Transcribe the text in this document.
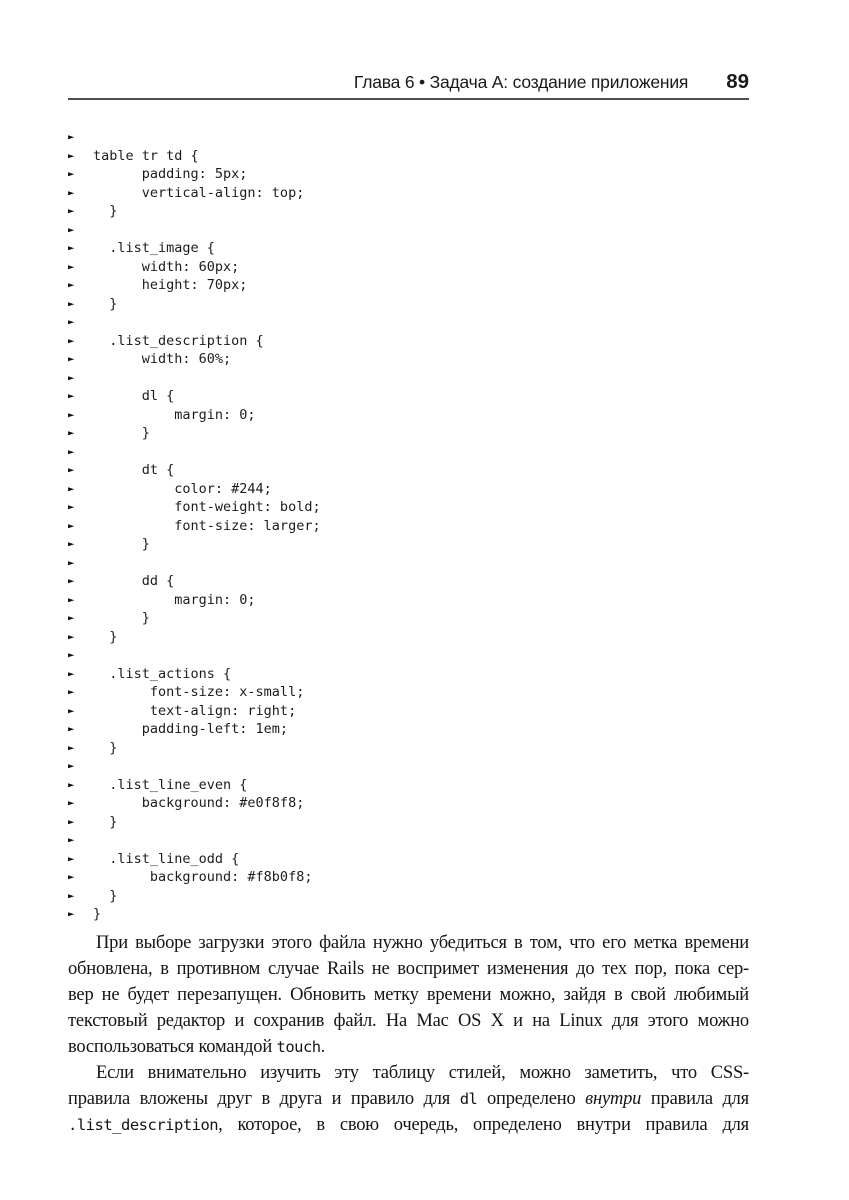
Глава 6 • Задача А: создание приложения 89
►
►	table tr td {
►	padding: 5px;
►	vertical-align: top;
►	}
►
►	.list_image {
►	width: 60px;
►	height: 70px;
►	}
►
►	.list_description {
►	width: 60%;
►
►	dl {
►	margin: 0;
►	}
►
►	dt {
►	color: #244;
►	font-weight: bold;
►	font-size: larger;
►	}
►
►	dd {
►	margin: 0;
►	}
►	}
►
►	.list_actions {
►	font-size: x-small;
►	text-align: right;
►	padding-left: 1em;
►	}
►
►	.list_line_even {
►	background: #e0f8f8;
►	}
►
►	.list_line_odd {
►	background: #f8b0f8;
►	}
►	}
При выборе загрузки этого файла нужно убедиться в том, что его метка времени
обновлена, в противном случае Rails не воспримет изменения до тех пор, пока сер-
вер не будет перезапущен. Обновить метку времени можно, зайдя в свой любимый
текстовый редактор и сохранив файл. На Mac OS X и на Linux для этого можно
воспользоваться командой touch.
Если внимательно изучить эту таблицу стилей, можно заметить, что CSS-
правила вложены друг в друга и правило для dl определено внутри правила для
.list_description, которое, в свою очередь, определено внутри правила для
